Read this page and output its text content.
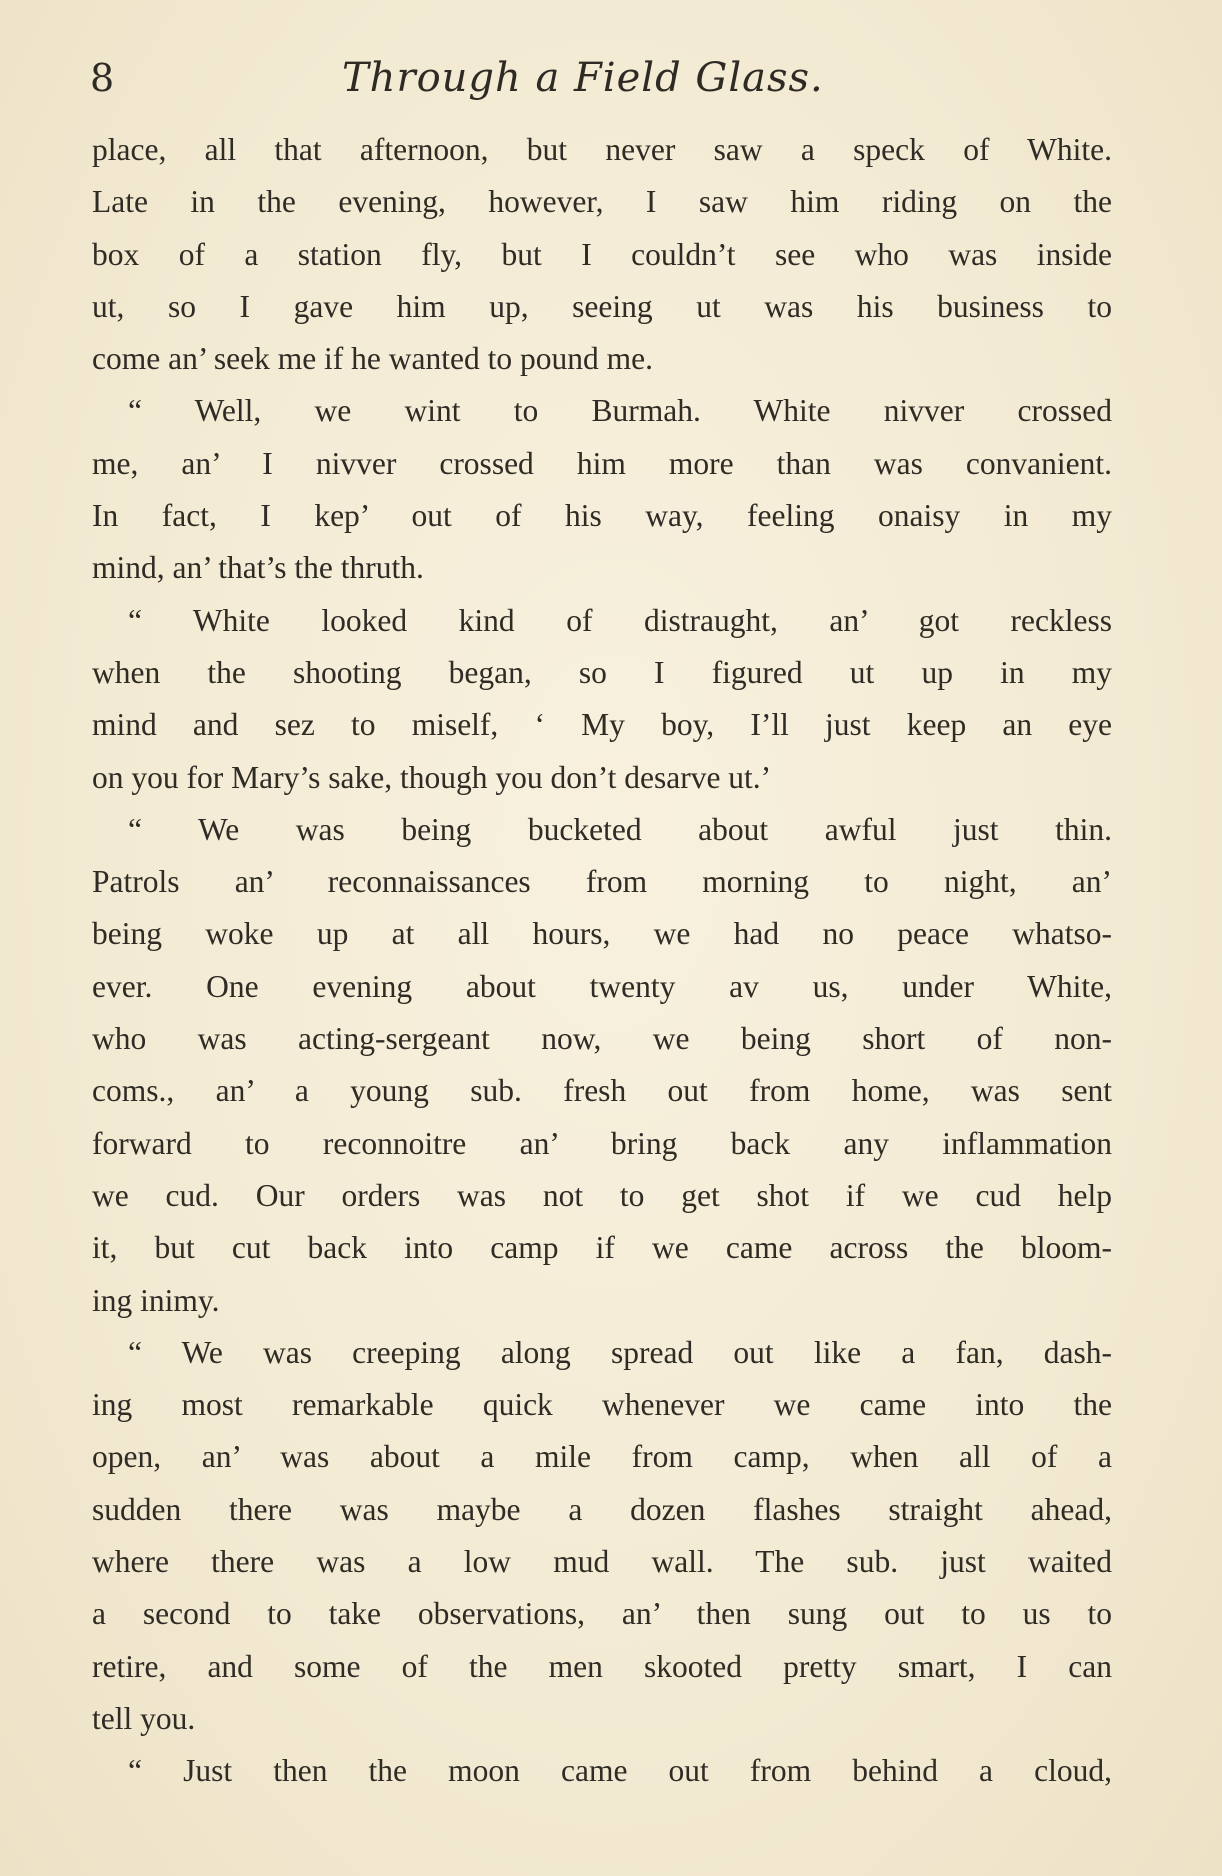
8	Through a Field Glass.
place, all that afternoon, but never saw a speck of White.
Late in the evening, however, I saw him riding on the
box of a station fly, but I couldn’t see who was inside
ut, so I gave him up, seeing ut was his business to
come an’ seek me if he wanted to pound me.
“ Well, we wint to Burmah. White nivver crossed
me, an’ I nivver crossed him more than was convanient.
In fact, I kep’ out of his way, feeling onaisy in my
mind, an’ that’s the thruth.
“ White looked kind of distraught, an’ got reckless
when the shooting began, so I figured ut up in my
mind and sez to miself, ‘ My boy, I’ll just keep an eye
on you for Mary’s sake, though you don’t desarve ut.’
“ We was being bucketed about awful just thin.
Patrols an’ reconnaissances from morning to night, an’
being woke up at all hours, we had no peace whatso-
ever. One evening about twenty av us, under White,
who was acting-sergeant now, we being short of non-
coms., an’ a young sub. fresh out from home, was sent
forward to reconnoitre an’ bring back any inflammation
we cud. Our orders was not to get shot if we cud help
it, but cut back into camp if we came across the bloom-
ing inimy.
“ We was creeping along spread out like a fan, dash-
ing most remarkable quick whenever we came into the
open, an’ was about a mile from camp, when all of a
sudden there was maybe a dozen flashes straight ahead,
where there was a low mud wall. The sub. just waited
a second to take observations, an’ then sung out to us to
retire, and some of the men skooted pretty smart, I can
tell you.
“ Just then the moon came out from behind a cloud,
